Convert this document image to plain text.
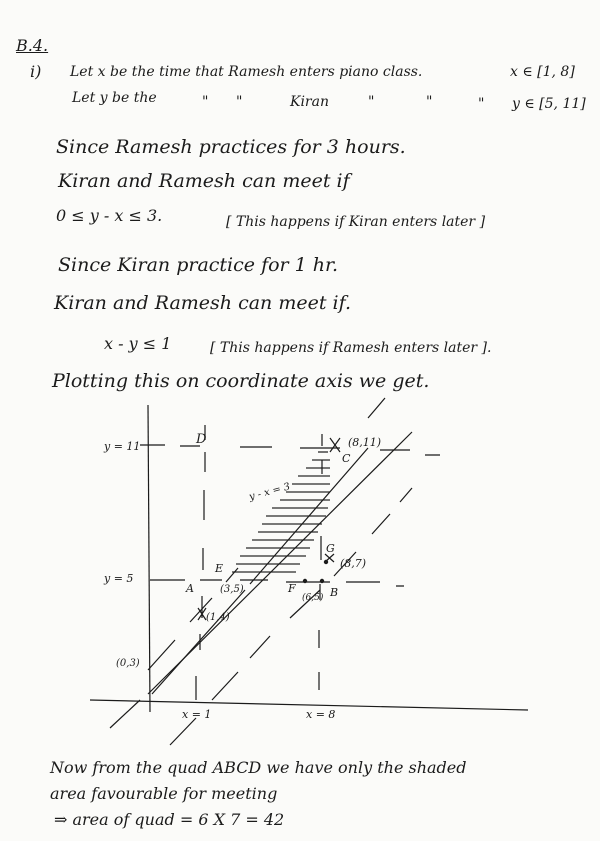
B.4.
i) Let x be the time that Ramesh enters piano class.	x ∈ [1, 8]
Let y be the	" "	Kiran	"	"	" y ∈ [5, 11]
Since Ramesh practices for 3 hours.
Kiran and Ramesh can meet if
0 ≤ y - x ≤ 3.	[ This happens if Kiran enters later ]
Since Kiran practice for 1 hr.
Kiran and Ramesh can meet if.
x - y ≤ 1	[ This happens if Ramesh enters later ].
Plotting this on coordinate axis we get.
y = 11
y = 5
x = 1	x = 8
y - x = 3
D
C
(8,11)
G
(8,7)
E
(3,5)
A	F
(6,5) B
(1,4)
(0,3)
Now from the quad ABCD we have only the shaded
area favourable for meeting
⇒ area of quad = 6 X 7 = 42
